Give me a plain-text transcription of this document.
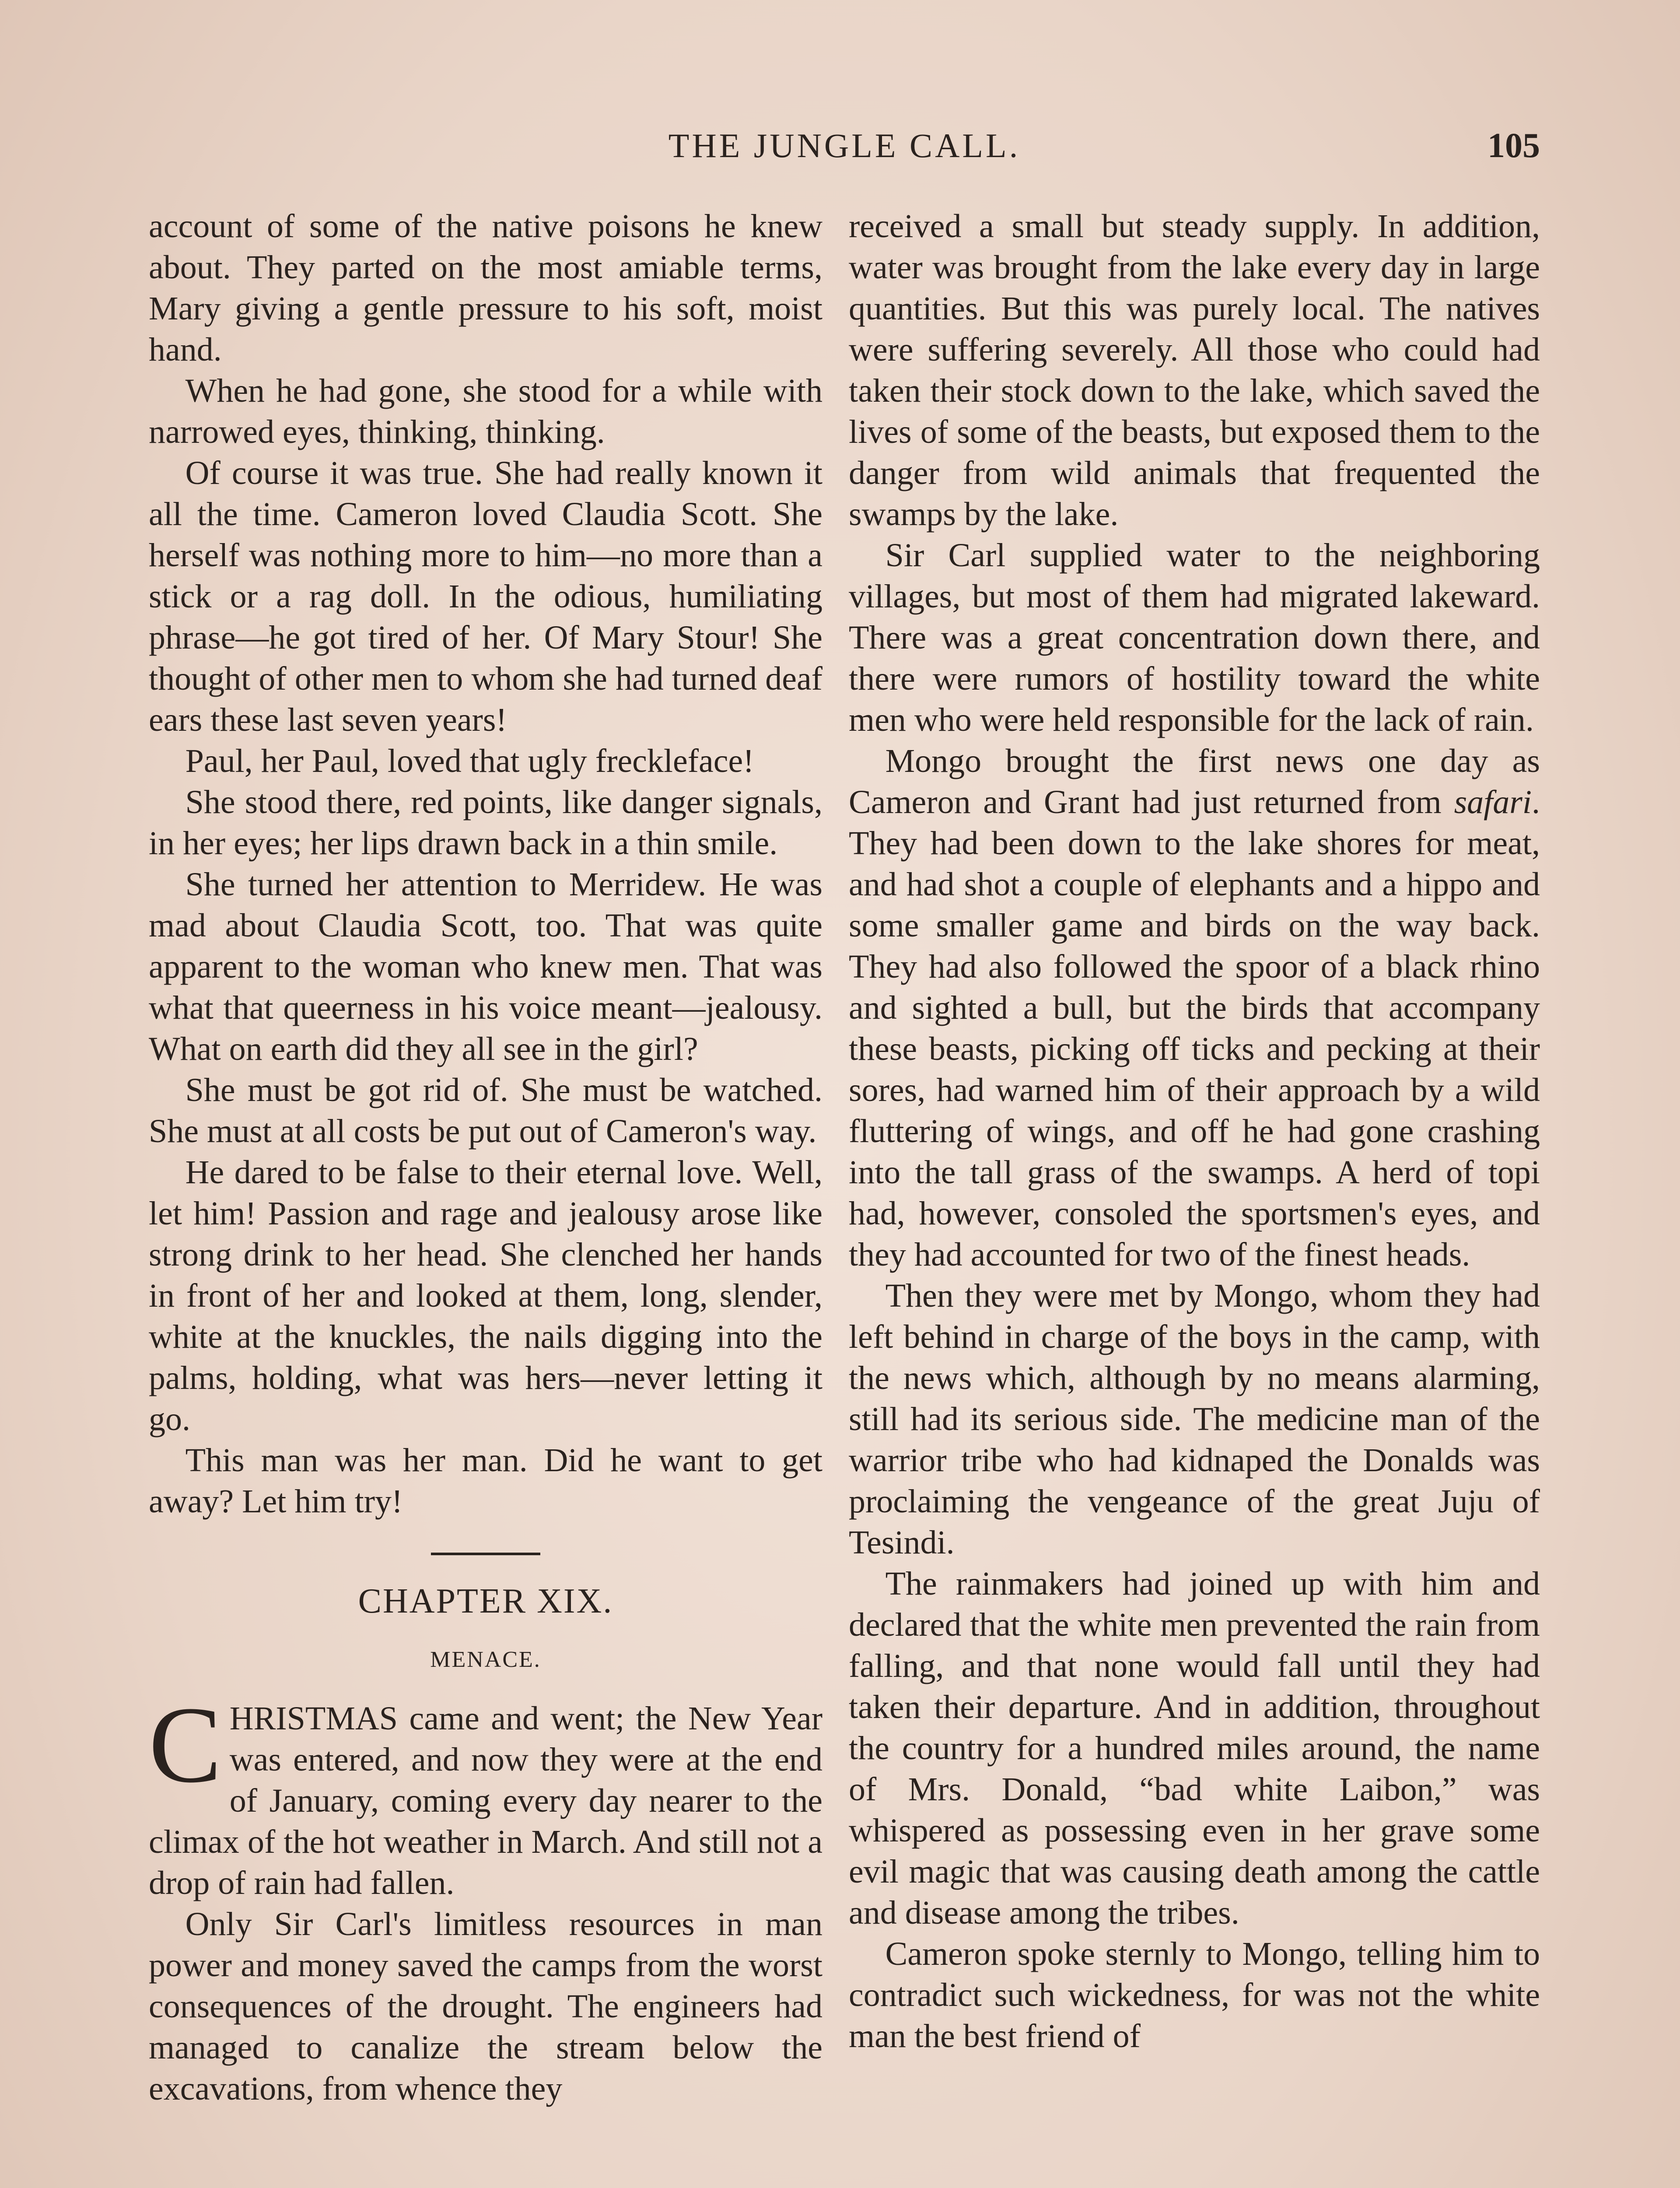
THE JUNGLE CALL.	105

account of some of the native poisons he knew about. They parted on the most amiable terms, Mary giving a gentle pressure to his soft, moist hand.

When he had gone, she stood for a while with narrowed eyes, thinking, thinking.

Of course it was true. She had really known it all the time. Cameron loved Claudia Scott. She herself was nothing more to him—no more than a stick or a rag doll. In the odious, humiliating phrase—he got tired of her. Of Mary Stour! She thought of other men to whom she had turned deaf ears these last seven years!

Paul, her Paul, loved that ugly freckleface!

She stood there, red points, like danger signals, in her eyes; her lips drawn back in a thin smile.

She turned her attention to Merridew. He was mad about Claudia Scott, too. That was quite apparent to the woman who knew men. That was what that queerness in his voice meant—jealousy. What on earth did they all see in the girl?

She must be got rid of. She must be watched. She must at all costs be put out of Cameron's way.

He dared to be false to their eternal love. Well, let him! Passion and rage and jealousy arose like strong drink to her head. She clenched her hands in front of her and looked at them, long, slender, white at the knuckles, the nails digging into the palms, holding, what was hers—never letting it go.

This man was her man. Did he want to get away? Let him try!

CHAPTER XIX.
MENACE.

CHRISTMAS came and went; the New Year was entered, and now they were at the end of January, coming every day nearer to the climax of the hot weather in March. And still not a drop of rain had fallen.

Only Sir Carl's limitless resources in man power and money saved the camps from the worst consequences of the drought. The engineers had managed to canalize the stream below the excavations, from whence they

received a small but steady supply. In addition, water was brought from the lake every day in large quantities. But this was purely local. The natives were suffering severely. All those who could had taken their stock down to the lake, which saved the lives of some of the beasts, but exposed them to the danger from wild animals that frequented the swamps by the lake.

Sir Carl supplied water to the neighboring villages, but most of them had migrated lakeward. There was a great concentration down there, and there were rumors of hostility toward the white men who were held responsible for the lack of rain.

Mongo brought the first news one day as Cameron and Grant had just returned from safari. They had been down to the lake shores for meat, and had shot a couple of elephants and a hippo and some smaller game and birds on the way back. They had also followed the spoor of a black rhino and sighted a bull, but the birds that accompany these beasts, picking off ticks and pecking at their sores, had warned him of their approach by a wild fluttering of wings, and off he had gone crashing into the tall grass of the swamps. A herd of topi had, however, consoled the sportsmen's eyes, and they had accounted for two of the finest heads.

Then they were met by Mongo, whom they had left behind in charge of the boys in the camp, with the news which, although by no means alarming, still had its serious side. The medicine man of the warrior tribe who had kidnaped the Donalds was proclaiming the vengeance of the great Juju of Tesindi.

The rainmakers had joined up with him and declared that the white men prevented the rain from falling, and that none would fall until they had taken their departure. And in addition, throughout the country for a hundred miles around, the name of Mrs. Donald, “bad white Laibon,” was whispered as possessing even in her grave some evil magic that was causing death among the cattle and disease among the tribes.

Cameron spoke sternly to Mongo, telling him to contradict such wickedness, for was not the white man the best friend of
